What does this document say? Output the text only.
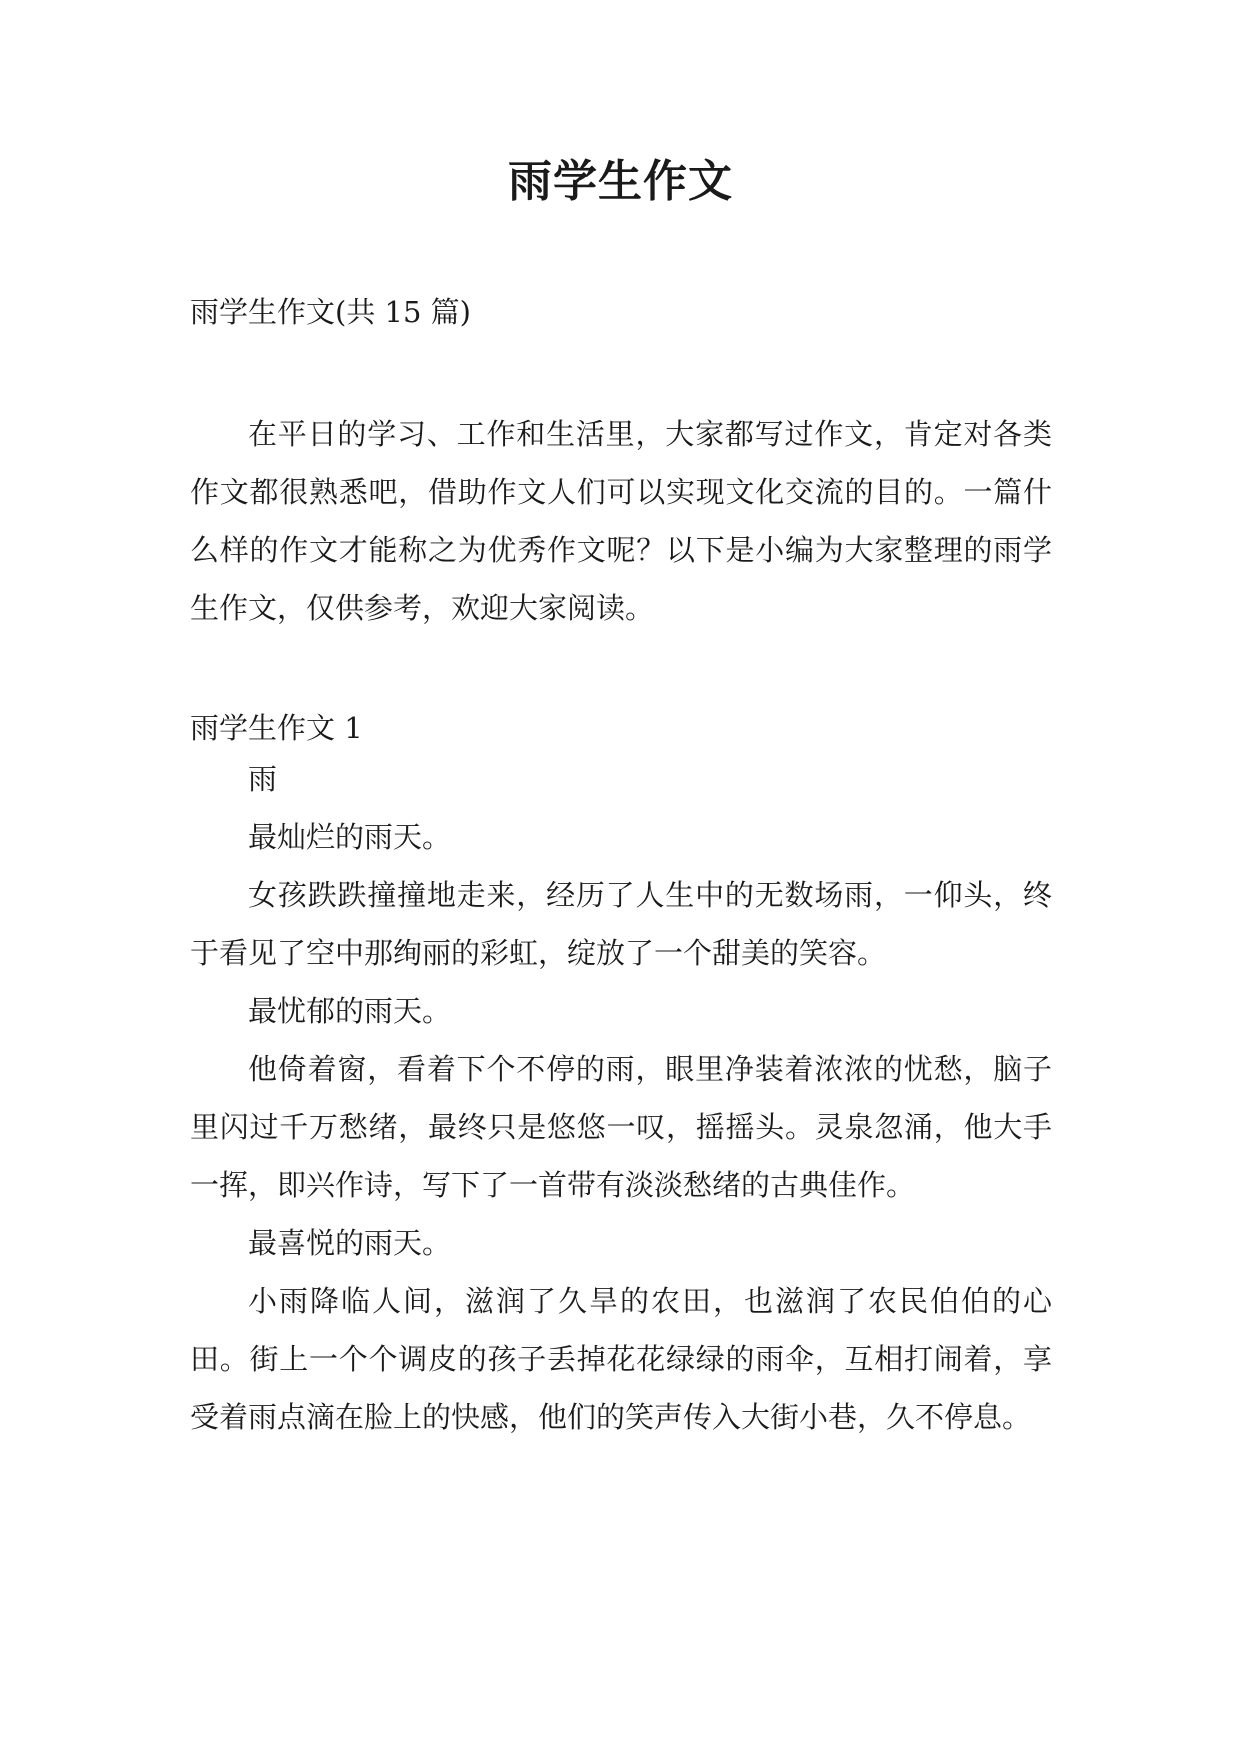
雨学生作文
雨学生作文(共 15 篇)

在平日的学习、工作和生活里，大家都写过作文，肯定对各类作文都很熟悉吧，借助作文人们可以实现文化交流的目的。一篇什么样的作文才能称之为优秀作文呢？以下是小编为大家整理的雨学生作文，仅供参考，欢迎大家阅读。

雨学生作文 1

雨

最灿烂的雨天。

女孩跌跌撞撞地走来，经历了人生中的无数场雨，一仰头，终于看见了空中那绚丽的彩虹，绽放了一个甜美的笑容。

最忧郁的雨天。

他倚着窗，看着下个不停的雨，眼里净装着浓浓的忧愁，脑子里闪过千万愁绪，最终只是悠悠一叹，摇摇头。灵泉忽涌，他大手一挥，即兴作诗，写下了一首带有淡淡愁绪的古典佳作。

最喜悦的雨天。

小雨降临人间，滋润了久旱的农田，也滋润了农民伯伯的心田。街上一个个调皮的孩子丢掉花花绿绿的雨伞，互相打闹着，享受着雨点滴在脸上的快感，他们的笑声传入大街小巷，久不停息。
